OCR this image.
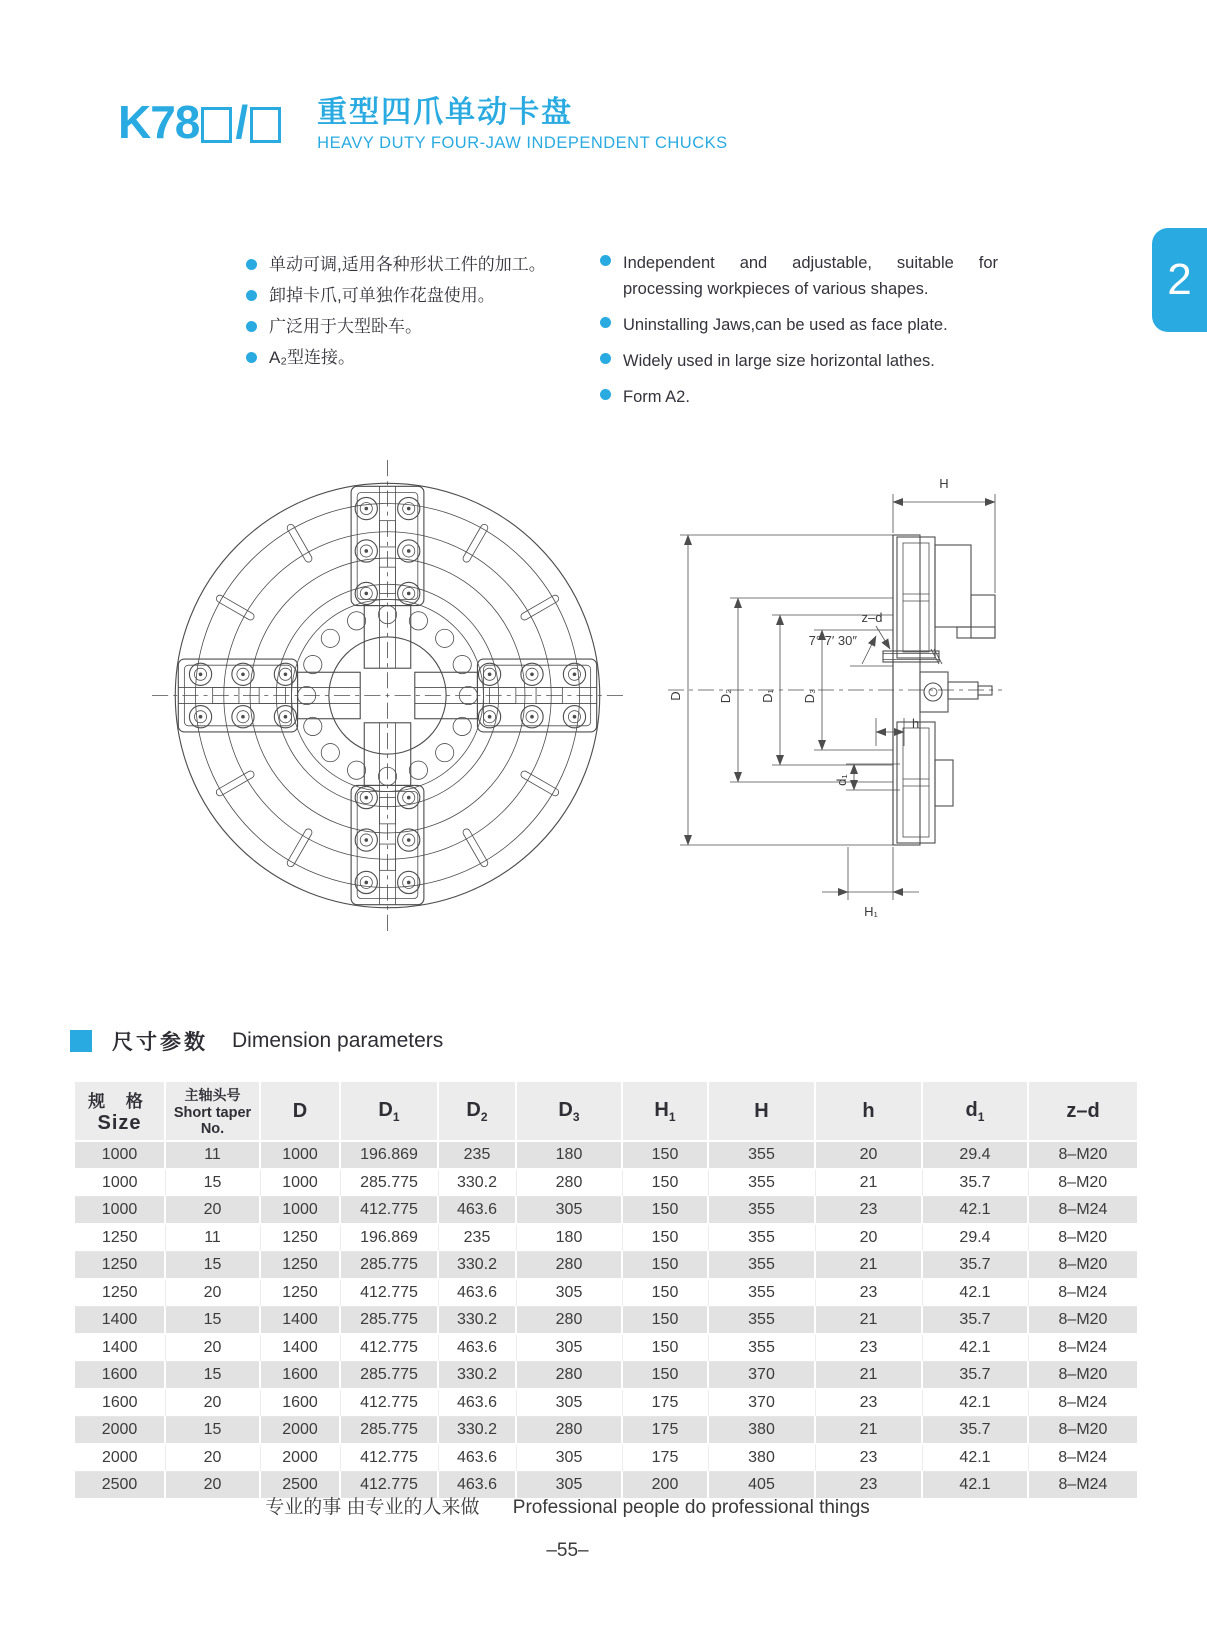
K78 / 重型四爪单动卡盘
HEAVY DUTY FOUR-JAW INDEPENDENT CHUCKS
2
单动可调,适用各种形状工件的加工。
卸掉卡爪,可单独作花盘使用。
广泛用于大型卧车。
A₂型连接。
Independent and adjustable, suitable for processing workpieces of various shapes.
Uninstalling Jaws,can be used as face plate.
Widely used in large size horizontal lathes.
Form A2.
H
D	D₂ D₁ D₃
d₁
h
z–d
7° 7′ 30″
H₁
尺寸参数 Dimension parameters
规 格
Size

主轴头号
Short taper No.
	D	$D_1$	$D_2$	$D_3$	$H_1$	H	h	$d_1$	z–d
1000	11	1000	196.869	235	180	150	355	20	29.4	8–M20
1000	15	1000	285.775	330.2	280	150	355	21	35.7	8–M20
1000	20	1000	412.775	463.6	305	150	355	23	42.1	8–M24
1250	11	1250	196.869	235	180	150	355	20	29.4	8–M20
1250	15	1250	285.775	330.2	280	150	355	21	35.7	8–M20
1250	20	1250	412.775	463.6	305	150	355	23	42.1	8–M24
1400	15	1400	285.775	330.2	280	150	355	21	35.7	8–M20
1400	20	1400	412.775	463.6	305	150	355	23	42.1	8–M24
1600	15	1600	285.775	330.2	280	150	370	21	35.7	8–M20
1600	20	1600	412.775	463.6	305	175	370	23	42.1	8–M24
2000	15	2000	285.775	330.2	280	175	380	21	35.7	8–M20
2000	20	2000	412.775	463.6	305	175	380	23	42.1	8–M24
2500	20	2500	412.775	463.6	305	200	405	23	42.1	8–M24
专业的事 由专业的人来做 Professional people do professional things
–55–
